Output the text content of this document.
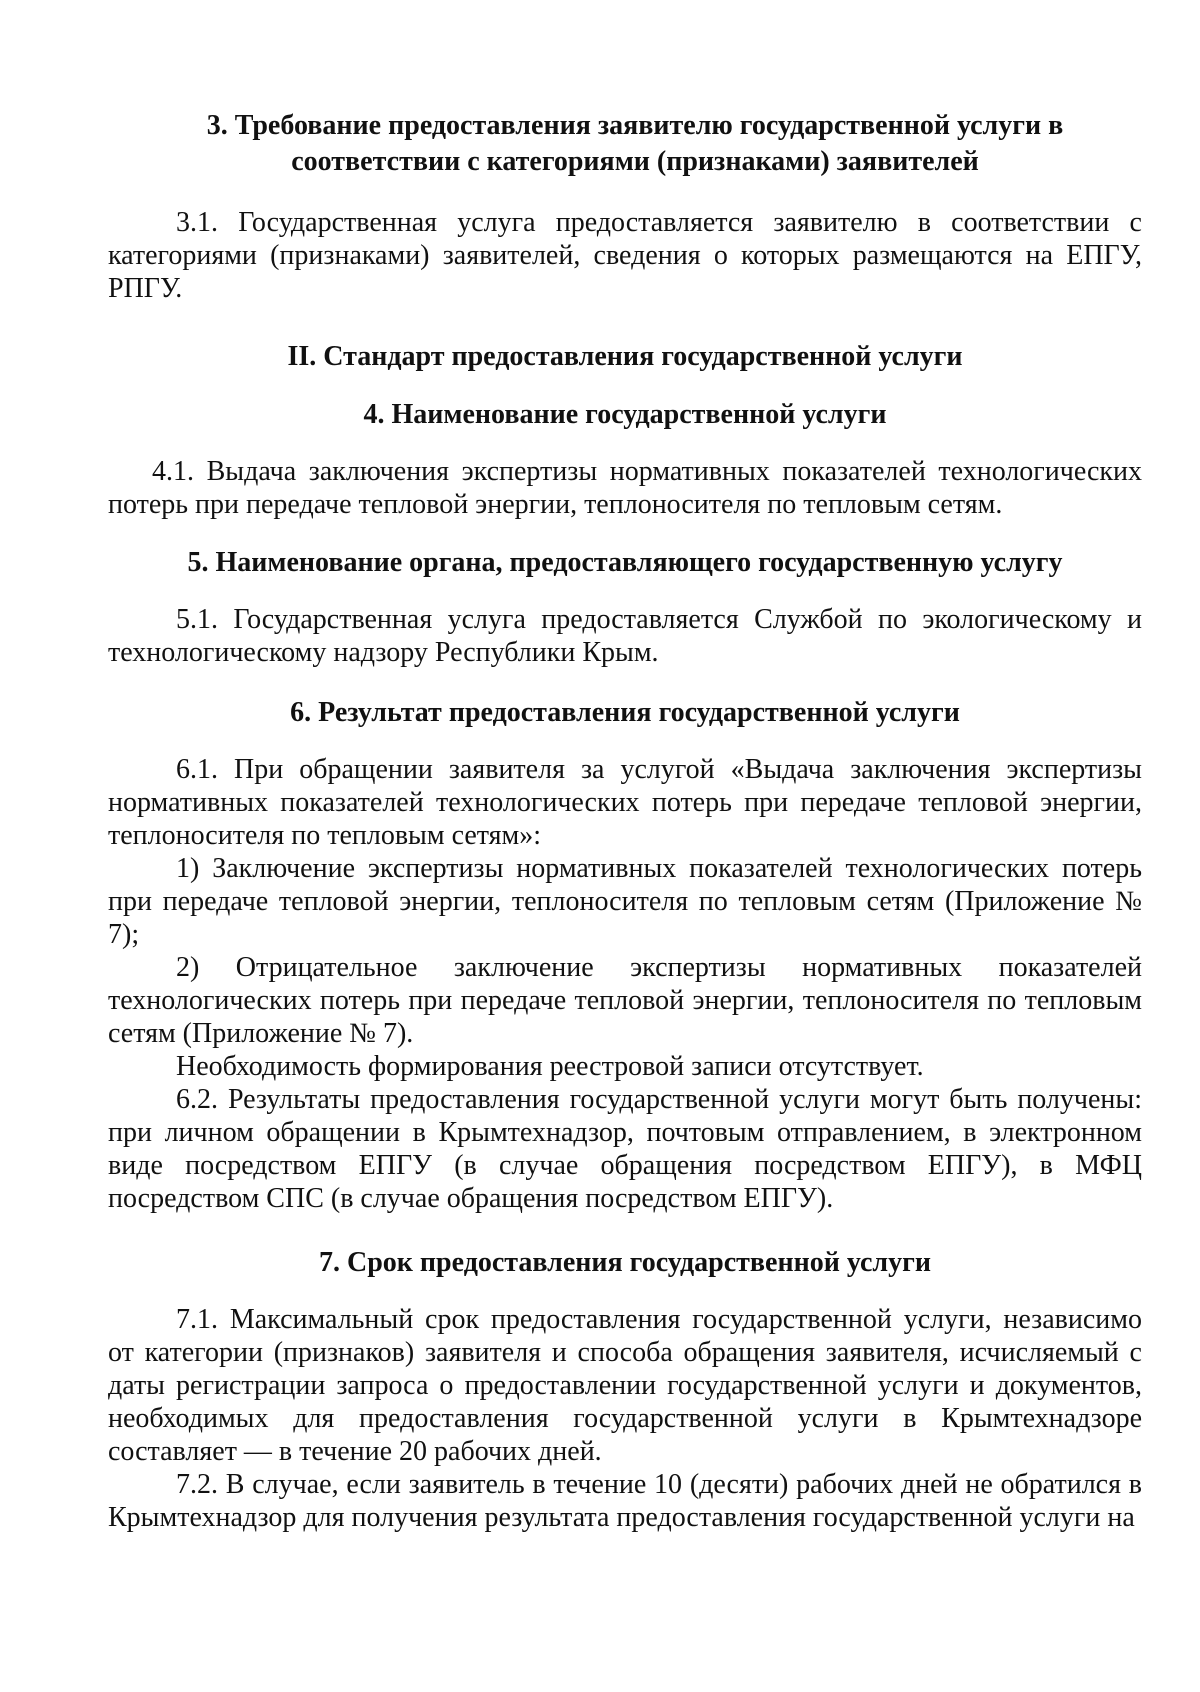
3. Требование предоставления заявителю государственной услуги в соответствии с категориями (признаками) заявителей

3.1. Государственная услуга предоставляется заявителю в соответствии с категориями (признаками) заявителей, сведения о которых размещаются на ЕПГУ, РПГУ.

II. Стандарт предоставления государственной услуги
4. Наименование государственной услуги

4.1. Выдача заключения экспертизы нормативных показателей технологических потерь при передаче тепловой энергии, теплоносителя по тепловым сетям.

5. Наименование органа, предоставляющего государственную услугу

5.1. Государственная услуга предоставляется Службой по экологическому и технологическому надзору Республики Крым.

6. Результат предоставления государственной услуги

6.1. При обращении заявителя за услугой «Выдача заключения экспертизы нормативных показателей технологических потерь при передаче тепловой энергии, теплоносителя по тепловым сетям»:

1) Заключение экспертизы нормативных показателей технологических потерь при передаче тепловой энергии, теплоносителя по тепловым сетям (Приложение № 7);

2) Отрицательное заключение экспертизы нормативных показателей технологических потерь при передаче тепловой энергии, теплоносителя по тепловым сетям (Приложение № 7).

Необходимость формирования реестровой записи отсутствует.

6.2. Результаты предоставления государственной услуги могут быть получены: при личном обращении в Крымтехнадзор, почтовым отправлением, в электронном виде посредством ЕПГУ (в случае обращения посредством ЕПГУ), в МФЦ посредством СПС (в случае обращения посредством ЕПГУ).

7. Срок предоставления государственной услуги

7.1. Максимальный срок предоставления государственной услуги, независимо от категории (признаков) заявителя и способа обращения заявителя, исчисляемый с даты регистрации запроса о предоставлении государственной услуги и документов, необходимых для предоставления государственной услуги в Крымтехнадзоре составляет — в течение 20 рабочих дней.

7.2. В случае, если заявитель в течение 10 (десяти) рабочих дней не обратился в Крымтехнадзор для получения результата предоставления государственной услуги на
